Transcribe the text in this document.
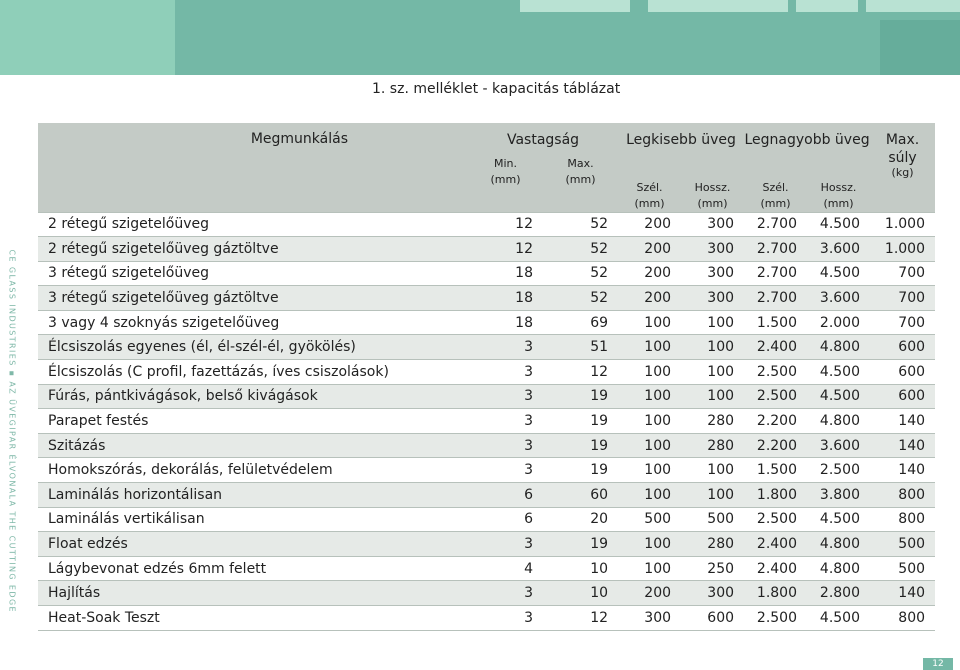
1. sz. melléklet - kapacitás táblázat
CE GLASS INDUSTRIES ▪ AZ ÜVEGIPAR ÉLVONALA THE CUTTING EDGE
Megmunkálás	Vastagság		Legkisebb üveg		Legnagyobb üveg		Max. súly
(kg)

	Min. (mm)	Max. (mm)	Szél. (mm)	Hossz. (mm)	Szél. (mm)	Hossz. (mm)	

2 rétegű szigetelőüveg	12	52	200	300	2.700	4.500	1.000
2 rétegű szigetelőüveg gáztöltve	12	52	200	300	2.700	3.600	1.000
3 rétegű szigetelőüveg	18	52	200	300	2.700	4.500	700
3 rétegű szigetelőüveg gáztöltve	18	52	200	300	2.700	3.600	700
3 vagy 4 szoknyás szigetelőüveg	18	69	100	100	1.500	2.000	700
Élcsiszolás egyenes (él, él-szél-él, gyökölés)	3	51	100	100	2.400	4.800	600
Élcsiszolás (C profil, fazettázás, íves csiszolások)	3	12	100	100	2.500	4.500	600
Fúrás, pántkivágások, belső kivágások	3	19	100	100	2.500	4.500	600
Parapet festés	3	19	100	280	2.200	4.800	140
Szitázás	3	19	100	280	2.200	3.600	140
Homokszórás, dekorálás, felületvédelem	3	19	100	100	1.500	2.500	140
Laminálás horizontálisan	6	60	100	100	1.800	3.800	800
Laminálás vertikálisan	6	20	500	500	2.500	4.500	800
Float edzés	3	19	100	280	2.400	4.800	500
Lágybevonat edzés 6mm felett	4	10	100	250	2.400	4.800	500
Hajlítás	3	10	200	300	1.800	2.800	140
Heat-Soak Teszt	3	12	300	600	2.500	4.500	800
12
